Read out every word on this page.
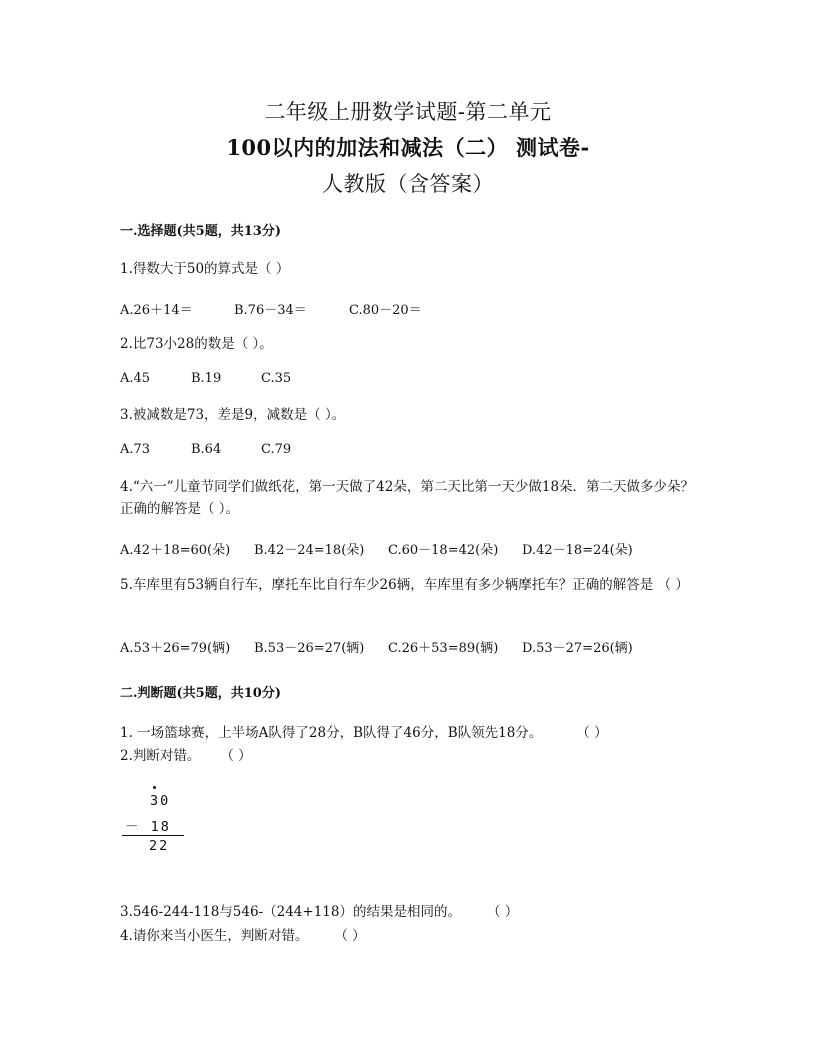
二年级上册数学试题-第二单元
100以内的加法和减法（二） 测试卷-
人教版（含答案）
一.选择题(共5题，共13分)
1.得数大于50的算式是（ ）
A.26＋14＝	B.76－34＝	C.80－20＝
2.比73小28的数是（ ）。
A.45	B.19	C.35
3.被减数是73，差是9，减数是（ ）。
A.73	B.64	C.79
4.“六一”儿童节同学们做纸花，第一天做了42朵，第二天比第一天少做18朵．第二天做多少朵？正确的解答是（ ）。
A.42＋18=60(朵) B.42－24=18(朵) C.60－18=42(朵) D.42－18=24(朵)
5.车库里有53辆自行车，摩托车比自行车少26辆，车库里有多少辆摩托车？正确的解答是 （ ）
A.53＋26=79(辆) B.53－26=27(辆) C.26＋53=89(辆) D.53－27=26(辆)
二.判断题(共5题，共10分)
1. 一场篮球赛，上半场A队得了28分，B队得了46分，B队领先18分。	（ ）
2.判断对错。 （ ）
30
－ 18
22
3.546-244-118与546-（244+118）的结果是相同的。 （ ）
4.请你来当小医生，判断对错。 （ ）
